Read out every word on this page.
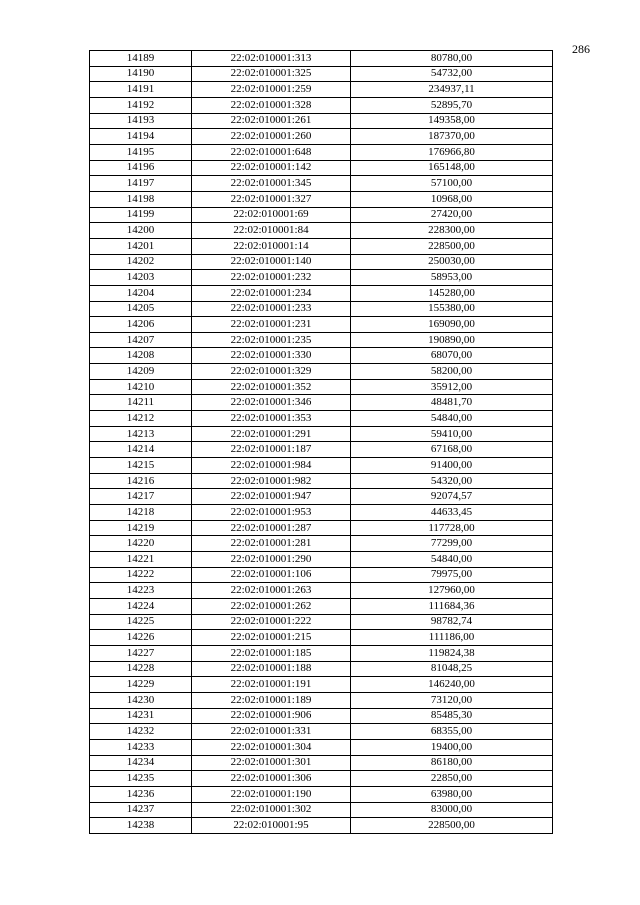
286
14189	22:02:010001:313	80780,00
14190	22:02:010001:325	54732,00
14191	22:02:010001:259	234937,11
14192	22:02:010001:328	52895,70
14193	22:02:010001:261	149358,00
14194	22:02:010001:260	187370,00
14195	22:02:010001:648	176966,80
14196	22:02:010001:142	165148,00
14197	22:02:010001:345	57100,00
14198	22:02:010001:327	10968,00
14199	22:02:010001:69	27420,00
14200	22:02:010001:84	228300,00
14201	22:02:010001:14	228500,00
14202	22:02:010001:140	250030,00
14203	22:02:010001:232	58953,00
14204	22:02:010001:234	145280,00
14205	22:02:010001:233	155380,00
14206	22:02:010001:231	169090,00
14207	22:02:010001:235	190890,00
14208	22:02:010001:330	68070,00
14209	22:02:010001:329	58200,00
14210	22:02:010001:352	35912,00
14211	22:02:010001:346	48481,70
14212	22:02:010001:353	54840,00
14213	22:02:010001:291	59410,00
14214	22:02:010001:187	67168,00
14215	22:02:010001:984	91400,00
14216	22:02:010001:982	54320,00
14217	22:02:010001:947	92074,57
14218	22:02:010001:953	44633,45
14219	22:02:010001:287	117728,00
14220	22:02:010001:281	77299,00
14221	22:02:010001:290	54840,00
14222	22:02:010001:106	79975,00
14223	22:02:010001:263	127960,00
14224	22:02:010001:262	111684,36
14225	22:02:010001:222	98782,74
14226	22:02:010001:215	111186,00
14227	22:02:010001:185	119824,38
14228	22:02:010001:188	81048,25
14229	22:02:010001:191	146240,00
14230	22:02:010001:189	73120,00
14231	22:02:010001:906	85485,30
14232	22:02:010001:331	68355,00
14233	22:02:010001:304	19400,00
14234	22:02:010001:301	86180,00
14235	22:02:010001:306	22850,00
14236	22:02:010001:190	63980,00
14237	22:02:010001:302	83000,00
14238	22:02:010001:95	228500,00
